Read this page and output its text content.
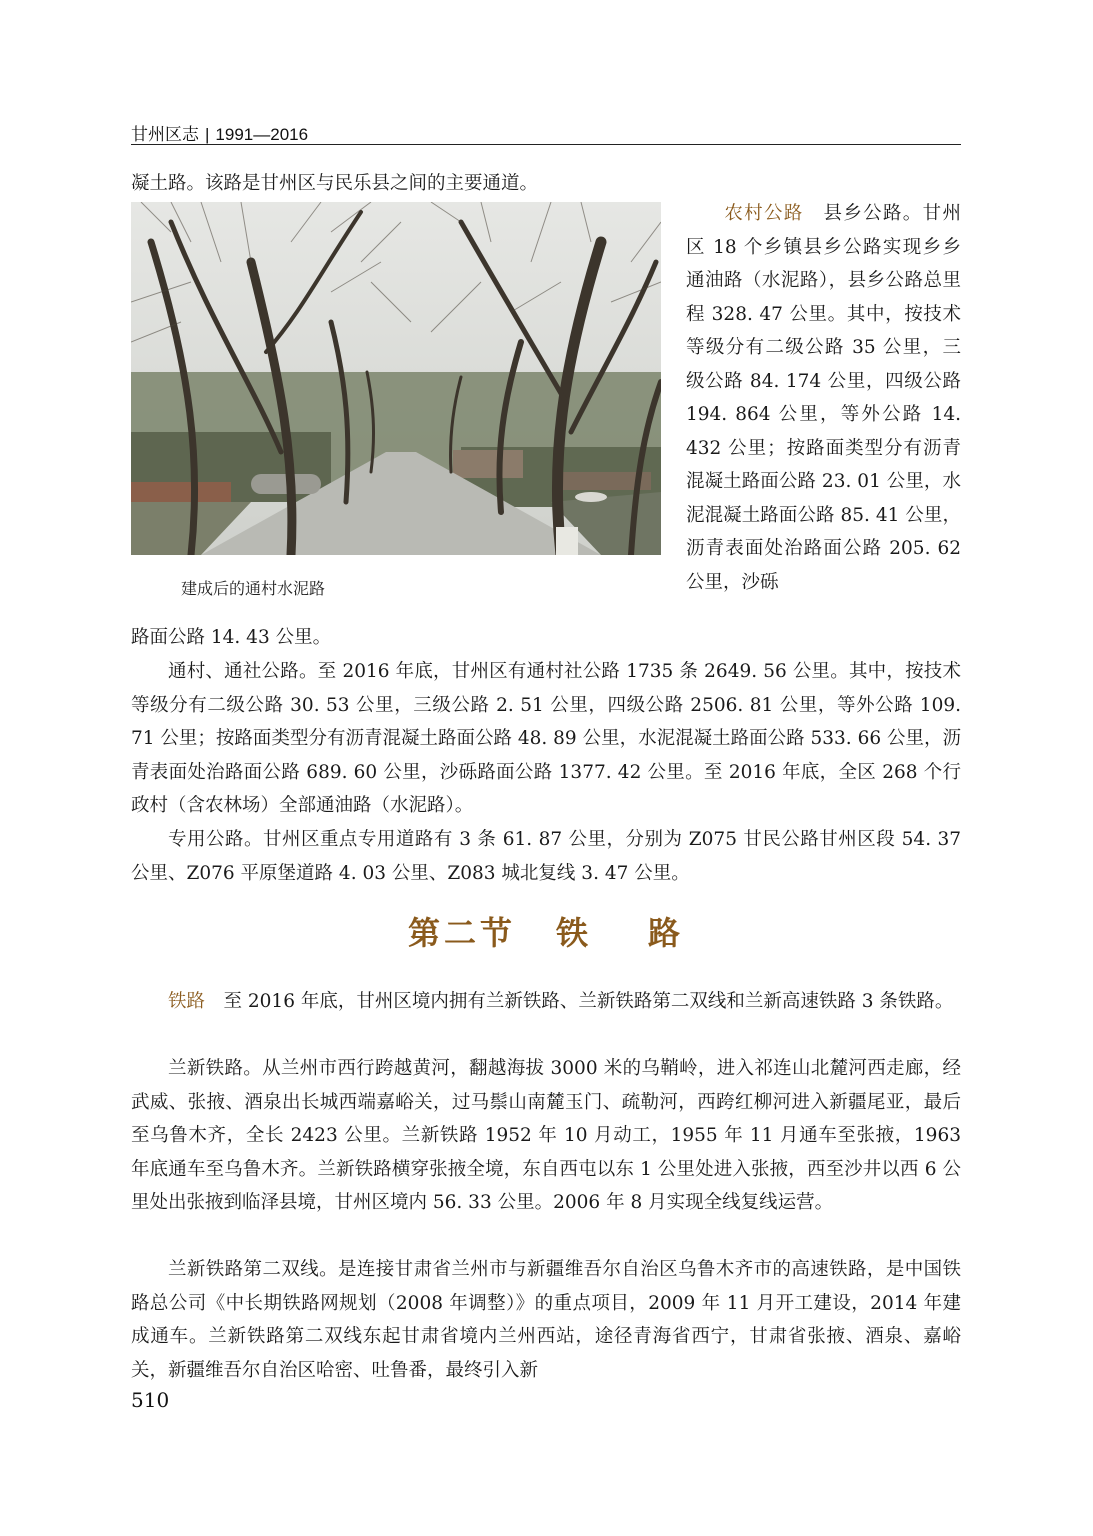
甘州区志 | 1991—2016

凝土路。该路是甘州区与民乐县之间的主要通道。

建成后的通村水泥路

农村公路　县乡公路。甘州区 18 个乡镇县乡公路实现乡乡通油路（水泥路），县乡公路总里程 328. 47 公里。其中，按技术等级分有二级公路 35 公里，三级公路 84. 174 公里，四级公路 194. 864 公里，等外公路 14. 432 公里；按路面类型分有沥青混凝土路面公路 23. 01 公里，水泥混凝土路面公路 85. 41 公里，沥青表面处治路面公路 205. 62 公里，沙砾

路面公路 14. 43 公里。

通村、通社公路。至 2016 年底，甘州区有通村社公路 1735 条 2649. 56 公里。其中，按技术等级分有二级公路 30. 53 公里，三级公路 2. 51 公里，四级公路 2506. 81 公里，等外公路 109. 71 公里；按路面类型分有沥青混凝土路面公路 48. 89 公里，水泥混凝土路面公路 533. 66 公里，沥青表面处治路面公路 689. 60 公里，沙砾路面公路 1377. 42 公里。至 2016 年底，全区 268 个行政村（含农林场）全部通油路（水泥路）。

专用公路。甘州区重点专用道路有 3 条 61. 87 公里，分别为 Z075 甘民公路甘州区段 54. 37 公里、Z076 平原堡道路 4. 03 公里、Z083 城北复线 3. 47 公里。

第二节 铁 路

铁路　至 2016 年底，甘州区境内拥有兰新铁路、兰新铁路第二双线和兰新高速铁路 3 条铁路。

兰新铁路。从兰州市西行跨越黄河，翻越海拔 3000 米的乌鞘岭，进入祁连山北麓河西走廊，经武威、张掖、酒泉出长城西端嘉峪关，过马鬃山南麓玉门、疏勒河，西跨红柳河进入新疆尾亚，最后至乌鲁木齐，全长 2423 公里。兰新铁路 1952 年 10 月动工，1955 年 11 月通车至张掖，1963 年底通车至乌鲁木齐。兰新铁路横穿张掖全境，东自西屯以东 1 公里处进入张掖，西至沙井以西 6 公里处出张掖到临泽县境，甘州区境内 56. 33 公里。2006 年 8 月实现全线复线运营。

兰新铁路第二双线。是连接甘肃省兰州市与新疆维吾尔自治区乌鲁木齐市的高速铁路，是中国铁路总公司《中长期铁路网规划（2008 年调整）》的重点项目，2009 年 11 月开工建设，2014 年建成通车。兰新铁路第二双线东起甘肃省境内兰州西站，途径青海省西宁，甘肃省张掖、酒泉、嘉峪关，新疆维吾尔自治区哈密、吐鲁番，最终引入新

510
